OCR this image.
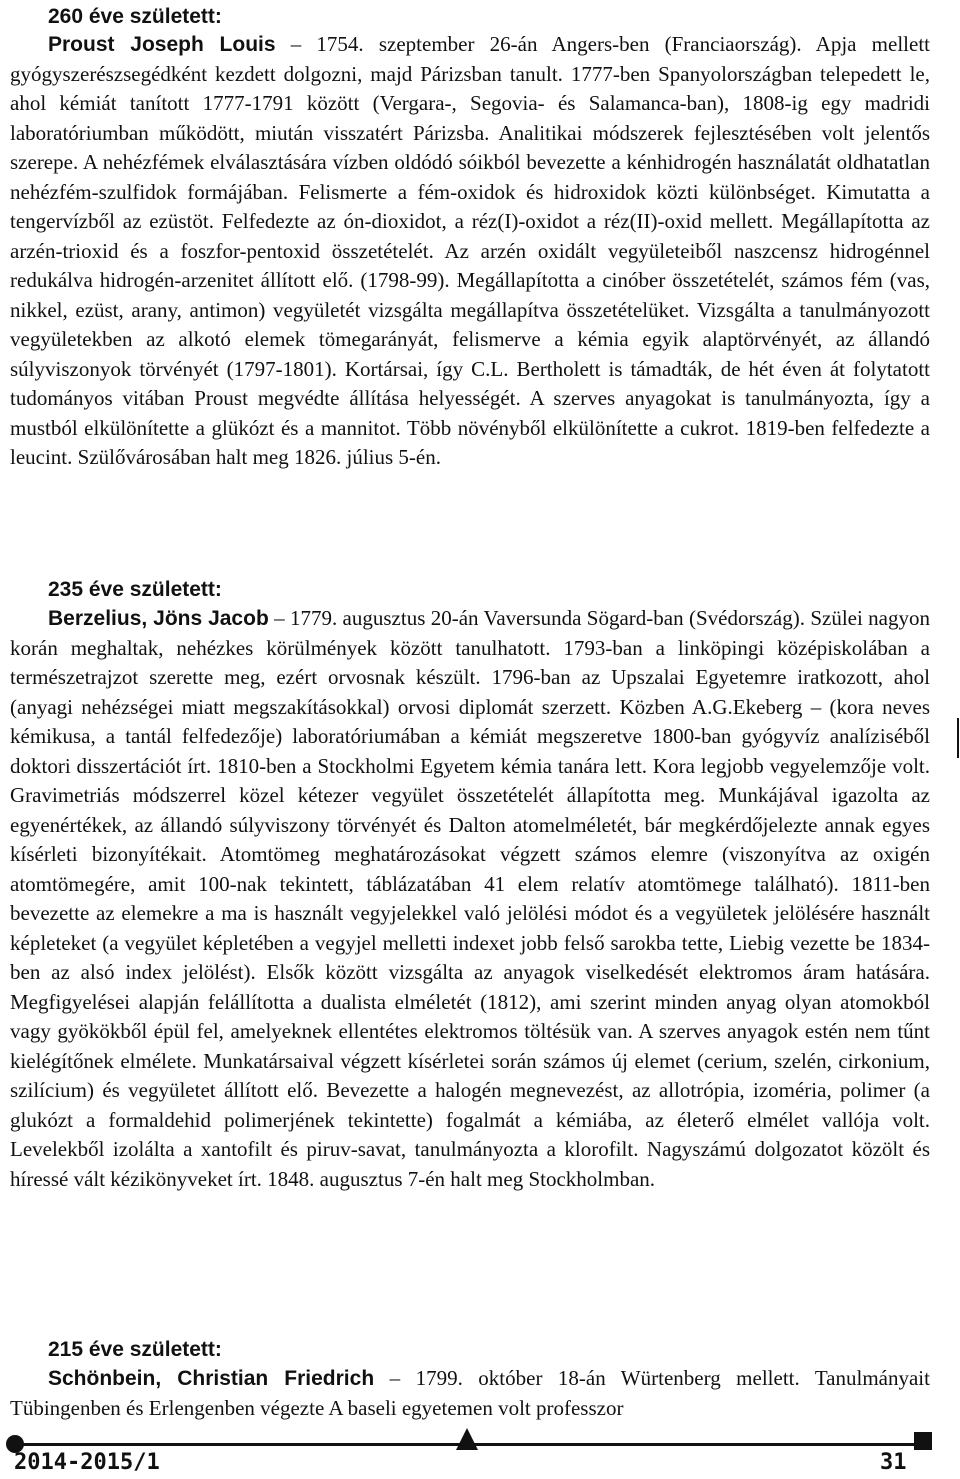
260 éve született:

Proust Joseph Louis – 1754. szeptember 26-án Angers-ben (Franciaország). Apja mellett gyógyszerészsegédként kezdett dolgozni, majd Párizsban tanult. 1777-ben Spanyolországban telepedett le, ahol kémiát tanított 1777-1791 között (Vergara-, Segovia- és Salamanca-ban), 1808-ig egy madridi laboratóriumban működött, miután visszatért Párizsba. Analitikai módszerek fejlesztésében volt jelentős szerepe. A nehézfémek elválasztására vízben oldódó sóikból bevezette a kénhidrogén használatát oldhatatlan nehézfém-szulfidok formájában. Felismerte a fém-oxidok és hidroxidok közti különbséget. Kimutatta a tengervízből az ezüstöt. Felfedezte az ón-dioxidot, a réz(I)-oxidot a réz(II)-oxid mellett. Megállapította az arzén-trioxid és a foszfor-pentoxid összetételét. Az arzén oxidált vegyületeiből naszcensz hidrogénnel redukálva hidrogén-arzenitet állított elő. (1798-99). Megállapította a cinóber összetételét, számos fém (vas, nikkel, ezüst, arany, antimon) vegyületét vizsgálta megállapítva összetételüket. Vizsgálta a tanulmányozott vegyületekben az alkotó elemek tömegarányát, felismerve a kémia egyik alaptörvényét, az állandó súlyviszonyok törvényét (1797-1801). Kortársai, így C.L. Bertholett is támadták, de hét éven át folytatott tudományos vitában Proust megvédte állítása helyességét. A szerves anyagokat is tanulmányozta, így a mustból elkülönítette a glükózt és a mannitot. Több növényből elkülönítette a cukrot. 1819-ben felfedezte a leucint. Szülővárosában halt meg 1826. július 5-én.

235 éve született:

Berzelius, Jöns Jacob – 1779. augusztus 20-án Vaversunda Sögard-ban (Svédország). Szülei nagyon korán meghaltak, nehézkes körülmények között tanulhatott. 1793-ban a linköpingi középiskolában a természetrajzot szerette meg, ezért orvosnak készült. 1796-ban az Upszalai Egyetemre iratkozott, ahol (anyagi nehézségei miatt megszakításokkal) orvosi diplomát szerzett. Közben A.G.Ekeberg – (kora neves kémikusa, a tantál felfedezője) laboratóriumában a kémiát megszeretve 1800-ban gyógyvíz analíziséből doktori disszertációt írt. 1810-ben a Stockholmi Egyetem kémia tanára lett. Kora legjobb vegyelemzője volt. Gravimetriás módszerrel közel kétezer vegyület összetételét állapította meg. Munkájával igazolta az egyenértékek, az állandó súlyviszony törvényét és Dalton atomelméletét, bár megkérdőjelezte annak egyes kísérleti bizonyítékait. Atomtömeg meghatározásokat végzett számos elemre (viszonyítva az oxigén atomtömegére, amit 100-nak tekintett, táblázatában 41 elem relatív atomtömege található). 1811-ben bevezette az elemekre a ma is használt vegyjelekkel való jelölési módot és a vegyületek jelölésére használt képleteket (a vegyület képletében a vegyjel melletti indexet jobb felső sarokba tette, Liebig vezette be 1834-ben az alsó index jelölést). Elsők között vizsgálta az anyagok viselkedését elektromos áram hatására. Megfigyelései alapján felállította a dualista elméletét (1812), ami szerint minden anyag olyan atomokból vagy gyökökből épül fel, amelyeknek ellentétes elektromos töltésük van. A szerves anyagok estén nem tűnt kielégítőnek elmélete. Munkatársaival végzett kísérletei során számos új elemet (cerium, szelén, cirkonium, szilícium) és vegyületet állított elő. Bevezette a halogén megnevezést, az allotrópia, izoméria, polimer (a glukózt a formaldehid polimerjének tekintette) fogalmát a kémiába, az életerő elmélet vallója volt. Levelekből izolálta a xantofilt és piruv-savat, tanulmányozta a klorofilt. Nagyszámú dolgozatot közölt és híressé vált kézikönyveket írt. 1848. augusztus 7-én halt meg Stockholmban.

215 éve született:

Schönbein, Christian Friedrich – 1799. október 18-án Würtenberg mellett. Tanulmányait Tübingenben és Erlengenben végezte A baseli egyetemen volt professzor

2014-2015/1	31
